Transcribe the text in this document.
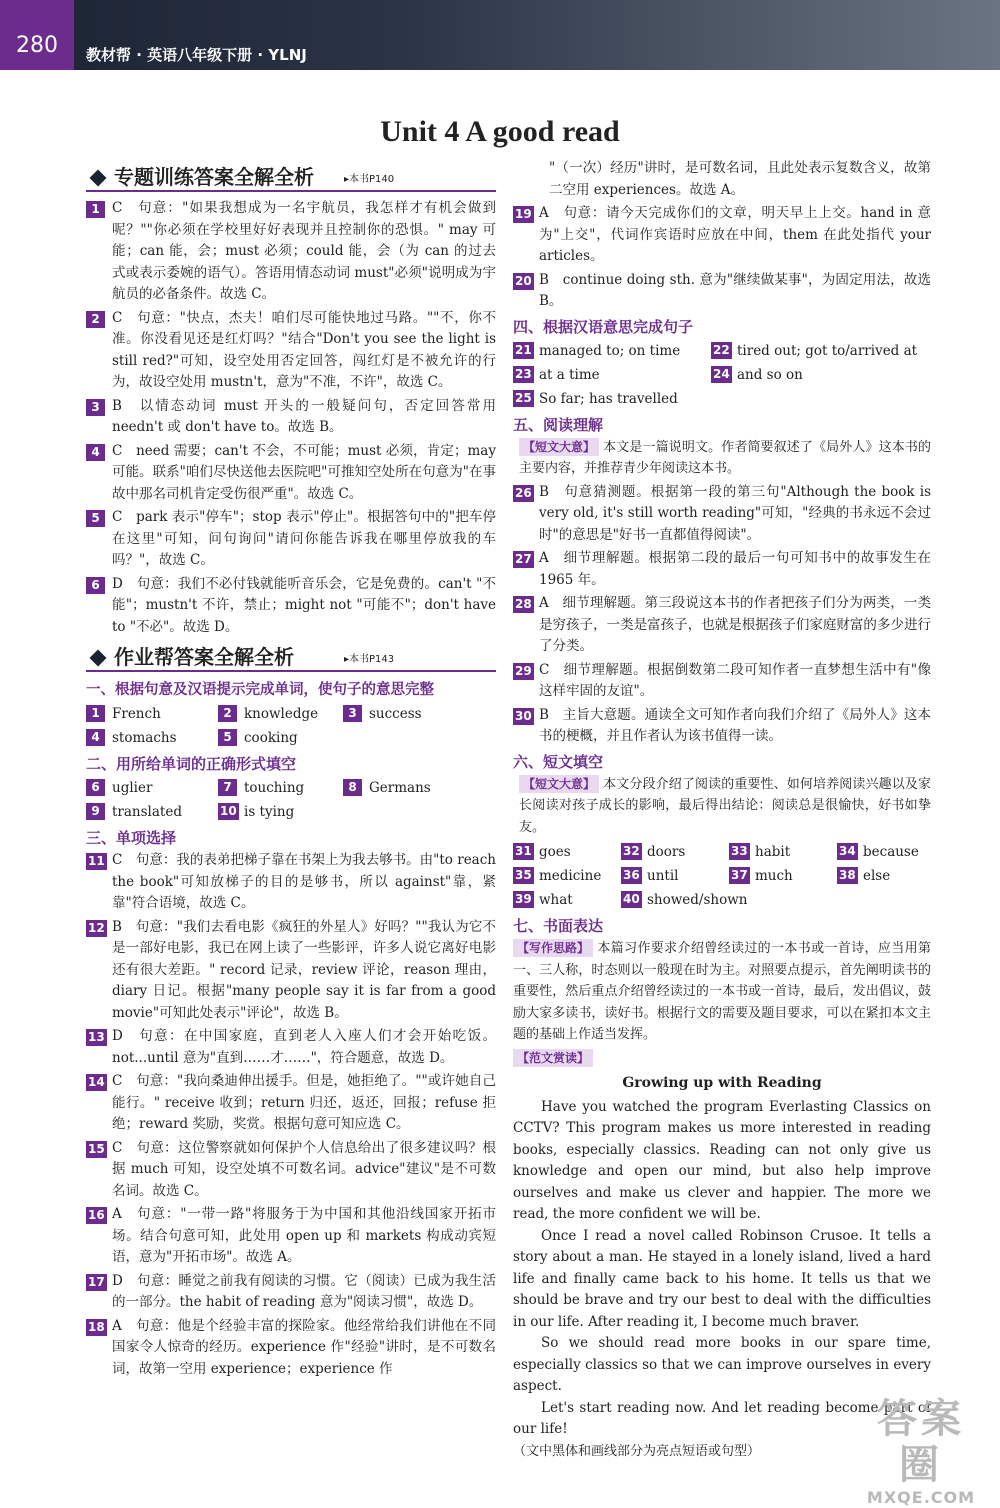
280	教材帮 · 英语八年级下册 · YLNJ
Unit 4 A good read
专题训练答案全解全析	▸本书P140
1 C　句意："如果我想成为一名宇航员，我怎样才有机会做到呢？""你必须在学校里好好表现并且控制你的恐惧。" may 可能；can 能，会；must 必须；could 能，会（为 can 的过去式或表示委婉的语气）。答语用情态动词 must"必须"说明成为宇航员的必备条件。故选 C。
2 C　句意："快点，杰夫！咱们尽可能快地过马路。""不，你不准。你没看见还是红灯吗？"结合"Don't you see the light is still red?"可知，设空处用否定回答，闯红灯是不被允许的行为，故设空处用 mustn't，意为"不准，不许"，故选 C。
3 B　以情态动词 must 开头的一般疑问句，否定回答常用 needn't 或 don't have to。故选 B。
4 C　need 需要；can't 不会，不可能；must 必须，肯定；may 可能。联系"咱们尽快送他去医院吧"可推知空处所在句意为"在事故中那名司机肯定受伤很严重"。故选 C。
5 C　park 表示"停车"；stop 表示"停止"。根据答句中的"把车停在这里"可知，问句询问"请问你能告诉我在哪里停放我的车吗？"，故选 C。
6 D　句意：我们不必付钱就能听音乐会，它是免费的。can't "不能"；mustn't 不许，禁止；might not "可能不"；don't have to "不必"。故选 D。
作业帮答案全解全析	▸本书P143
一、根据句意及汉语提示完成单词，使句子的意思完整
1 French	2 knowledge	3 success
4 stomachs	5 cooking
二、用所给单词的正确形式填空
6 uglier	7 touching	8 Germans
9 translated	10 is tying
三、单项选择
11 C　句意：我的表弟把梯子靠在书架上为我去够书。由"to reach the book"可知放梯子的目的是够书，所以 against"靠，紧靠"符合语境，故选 C。
12 B　句意："我们去看电影《疯狂的外星人》好吗？""我认为它不是一部好电影，我已在网上读了一些影评，许多人说它离好电影还有很大差距。" record 记录，review 评论，reason 理由，diary 日记。根据"many people say it is far from a good movie"可知此处表示"评论"，故选 B。
13 D　句意：在中国家庭，直到老人入座人们才会开始吃饭。not...until 意为"直到……才……"，符合题意，故选 D。
14 C　句意："我向桑迪伸出援手。但是，她拒绝了。""或许她自己能行。" receive 收到；return 归还，返还，回报；refuse 拒绝；reward 奖励，奖赏。根据句意可知应选 C。
15 C　句意：这位警察就如何保护个人信息给出了很多建议吗？根据 much 可知，设空处填不可数名词。advice"建议"是不可数名词。故选 C。
16 A　句意："一带一路"将服务于为中国和其他沿线国家开拓市场。结合句意可知，此处用 open up 和 markets 构成动宾短语，意为"开拓市场"。故选 A。
17 D　句意：睡觉之前我有阅读的习惯。它（阅读）已成为我生活的一部分。the habit of reading 意为"阅读习惯"，故选 D。
18 A　句意：他是个经验丰富的探险家。他经常给我们讲他在不同国家令人惊奇的经历。experience 作"经验"讲时，是不可数名词，故第一空用 experience；experience 作
"（一次）经历"讲时，是可数名词，且此处表示复数含义，故第二空用 experiences。故选 A。
19 A　句意：请今天完成你们的文章，明天早上上交。hand in 意为"上交"，代词作宾语时应放在中间，them 在此处指代 your articles。
20 B　continue doing sth. 意为"继续做某事"，为固定用法，故选 B。
四、根据汉语意思完成句子
21 managed to; on time	22 tired out; got to/arrived at
23 at a time	24 and so on
25 So far; has travelled
五、阅读理解
【短文大意】 本文是一篇说明文。作者简要叙述了《局外人》这本书的主要内容，并推荐青少年阅读这本书。
26 B　句意猜测题。根据第一段的第三句"Although the book is very old, it's still worth reading"可知，"经典的书永远不会过时"的意思是"好书一直都值得阅读"。
27 A　细节理解题。根据第二段的最后一句可知书中的故事发生在 1965 年。
28 A　细节理解题。第三段说这本书的作者把孩子们分为两类，一类是穷孩子，一类是富孩子，也就是根据孩子们家庭财富的多少进行了分类。
29 C　细节理解题。根据倒数第二段可知作者一直梦想生活中有"像这样牢固的友谊"。
30 B　主旨大意题。通读全文可知作者向我们介绍了《局外人》这本书的梗概，并且作者认为该书值得一读。
六、短文填空
【短文大意】 本文分段介绍了阅读的重要性、如何培养阅读兴趣以及家长阅读对孩子成长的影响，最后得出结论：阅读总是很愉快，好书如挚友。
31 goes	32 doors	33 habit	34 because
35 medicine	36 until	37 much	38 else
39 what	40 showed/shown
七、书面表达
【写作思路】 本篇习作要求介绍曾经读过的一本书或一首诗，应当用第一、三人称，时态则以一般现在时为主。对照要点提示，首先阐明读书的重要性，然后重点介绍曾经读过的一本书或一首诗，最后，发出倡议，鼓励大家多读书，读好书。根据行文的需要及题目要求，可以在紧扣本文主题的基础上作适当发挥。
【范文赏读】
Growing up with Reading
Have you watched the program Everlasting Classics on CCTV? This program makes us more interested in reading books, especially classics. Reading can not only give us knowledge and open our mind, but also help improve ourselves and make us clever and happier. The more we read, the more confident we will be.
Once I read a novel called Robinson Crusoe. It tells a story about a man. He stayed in a lonely island, lived a hard life and finally came back to his home. It tells us that we should be brave and try our best to deal with the difficulties in our life. After reading it, I become much braver.
So we should read more books in our spare time, especially classics so that we can improve ourselves in every aspect.
Let's start reading now. And let reading become part of our life!
（文中黑体和画线部分为亮点短语或句型）
答案圈
MXQE.COM
